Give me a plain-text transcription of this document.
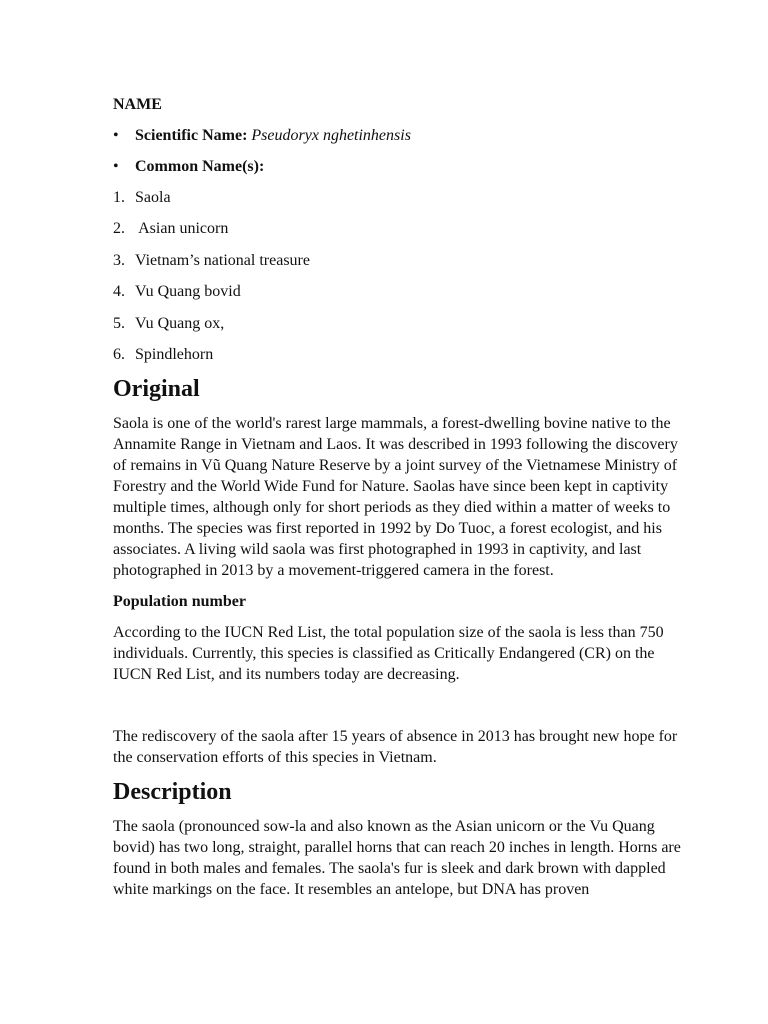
NAME
• Scientific Name: Pseudoryx nghetinhensis
• Common Name(s):
1. Saola
2. Asian unicorn
3. Vietnam’s national treasure
4. Vu Quang bovid
5. Vu Quang ox,
6. Spindlehorn
Original

Saola is one of the world's rarest large mammals, a forest-dwelling bovine native to the Annamite Range in Vietnam and Laos. It was described in 1993 following the discovery of remains in Vũ Quang Nature Reserve by a joint survey of the Vietnamese Ministry of Forestry and the World Wide Fund for Nature. Saolas have since been kept in captivity multiple times, although only for short periods as they died within a matter of weeks to months. The species was first reported in 1992 by Do Tuoc, a forest ecologist, and his associates. A living wild saola was first photographed in 1993 in captivity, and last photographed in 2013 by a movement-triggered camera in the forest.

Population number

According to the IUCN Red List, the total population size of the saola is less than 750 individuals. Currently, this species is classified as Critically Endangered (CR) on the IUCN Red List, and its numbers today are decreasing.

The rediscovery of the saola after 15 years of absence in 2013 has brought new hope for the conservation efforts of this species in Vietnam.

Description

The saola (pronounced sow-la and also known as the Asian unicorn or the Vu Quang bovid) has two long, straight, parallel horns that can reach 20 inches in length. Horns are found in both males and females. The saola's fur is sleek and dark brown with dappled white markings on the face. It resembles an antelope, but DNA has proven
